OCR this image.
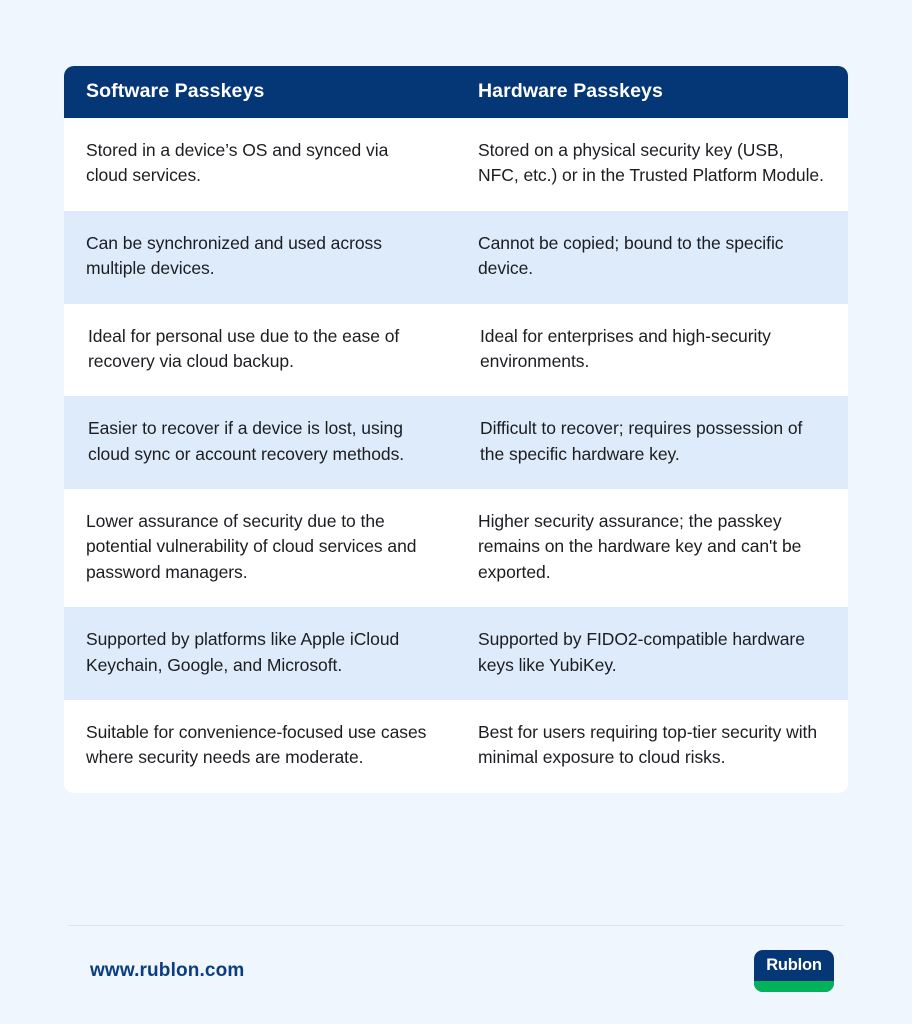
Software Passkeys	Hardware Passkeys

Stored in a device’s OS and synced via cloud services.	Stored on a physical security key (USB, NFC, etc.) or in the Trusted Platform Module.

Can be synchronized and used across multiple devices.	Cannot be copied; bound to the specific device.

Ideal for personal use due to the ease of recovery via cloud backup.	Ideal for enterprises and high-security environments.

Easier to recover if a device is lost, using cloud sync or account recovery methods.	Difficult to recover; requires possession of the specific hardware key.

Lower assurance of security due to the potential vulnerability of cloud services and password managers.	Higher security assurance; the passkey remains on the hardware key and can't be exported.

Supported by platforms like Apple iCloud Keychain, Google, and Microsoft.	Supported by FIDO2-compatible hardware keys like YubiKey.

Suitable for convenience-focused use cases where security needs are moderate.	Best for users requiring top-tier security with minimal exposure to cloud risks.
www.rublon.com	Rublon
